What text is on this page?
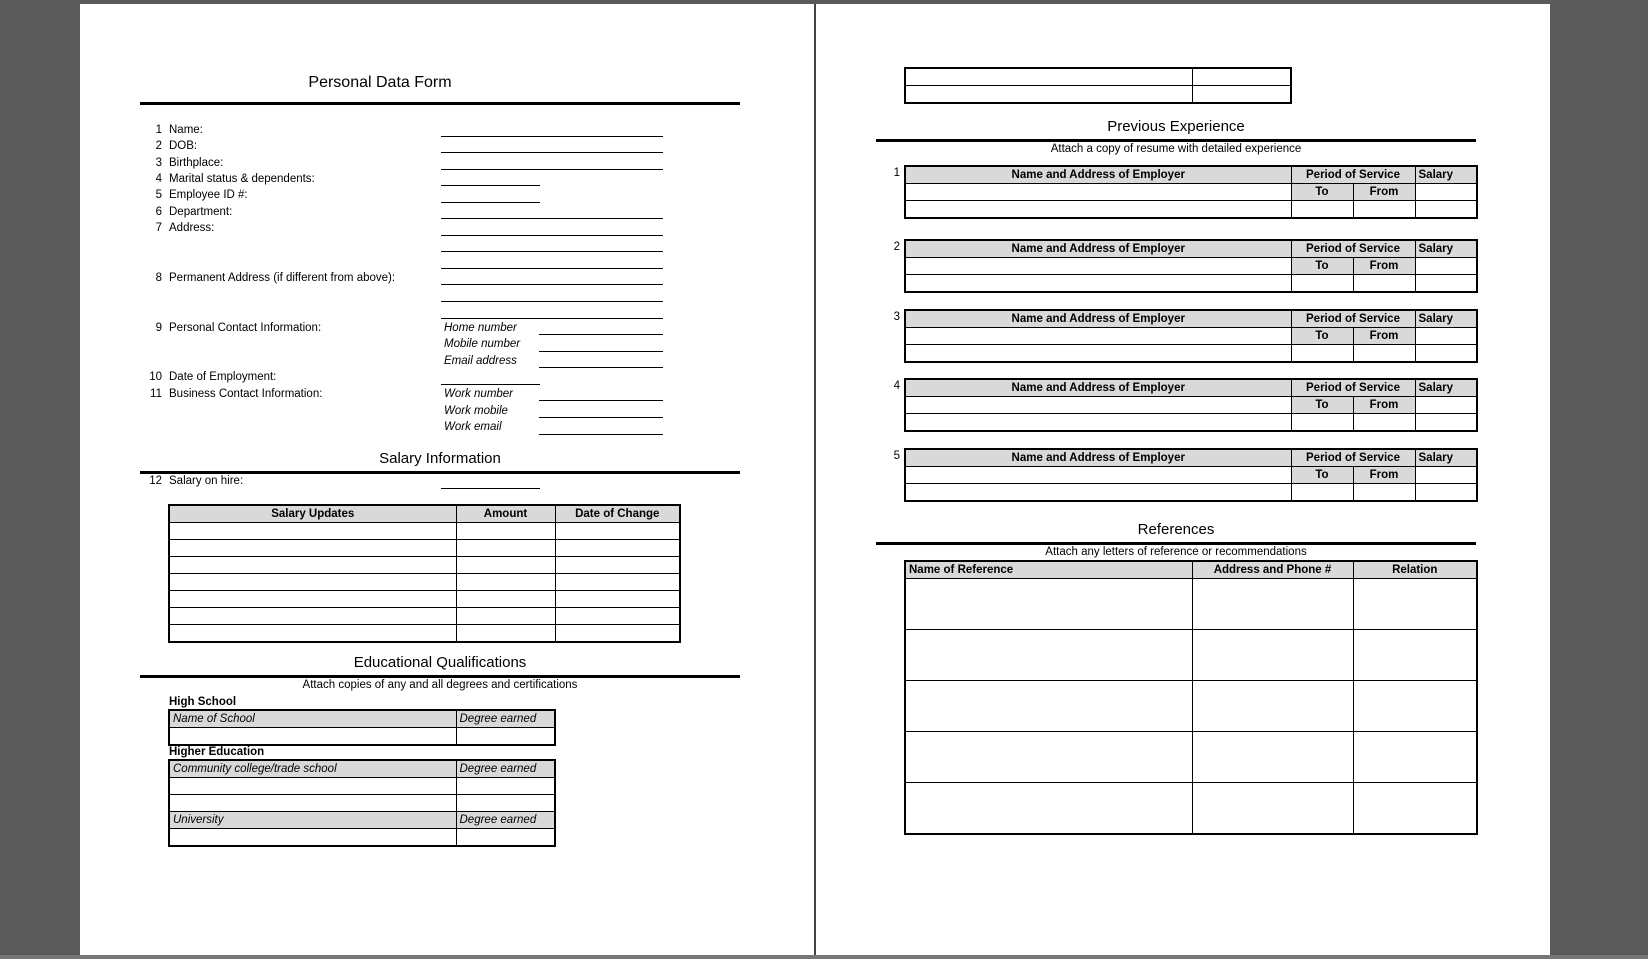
Personal Data Form
1 Name:
2 DOB:
3 Birthplace:
4 Marital status & dependents:
5 Employee ID #:
6 Department:
7 Address:
8 Permanent Address (if different from above):
9 Personal Contact Information:
10 Date of Employment:
11 Business Contact Information:
Home number
Mobile number
Email address
Work number
Work mobile
Work email
Salary Information
12 Salary on hire:
Salary Updates	Amount	Date of Change

Educational Qualifications
Attach copies of any and all degrees and certifications
High School
Name of School	Degree earned

Higher Education
Community college/trade school	Degree earned

University	Degree earned

Previous Experience
Attach a copy of resume with detailed experience
1	Name and Address of Employer	Period of Service		Salary
	To	From	

2	Name and Address of Employer	Period of Service		Salary
	To	From	

3	Name and Address of Employer	Period of Service		Salary
	To	From	

4	Name and Address of Employer	Period of Service		Salary
	To	From	

5	Name and Address of Employer	Period of Service		Salary
	To	From	

References
Attach any letters of reference or recommendations
Name of Reference	Address and Phone #	Relation
